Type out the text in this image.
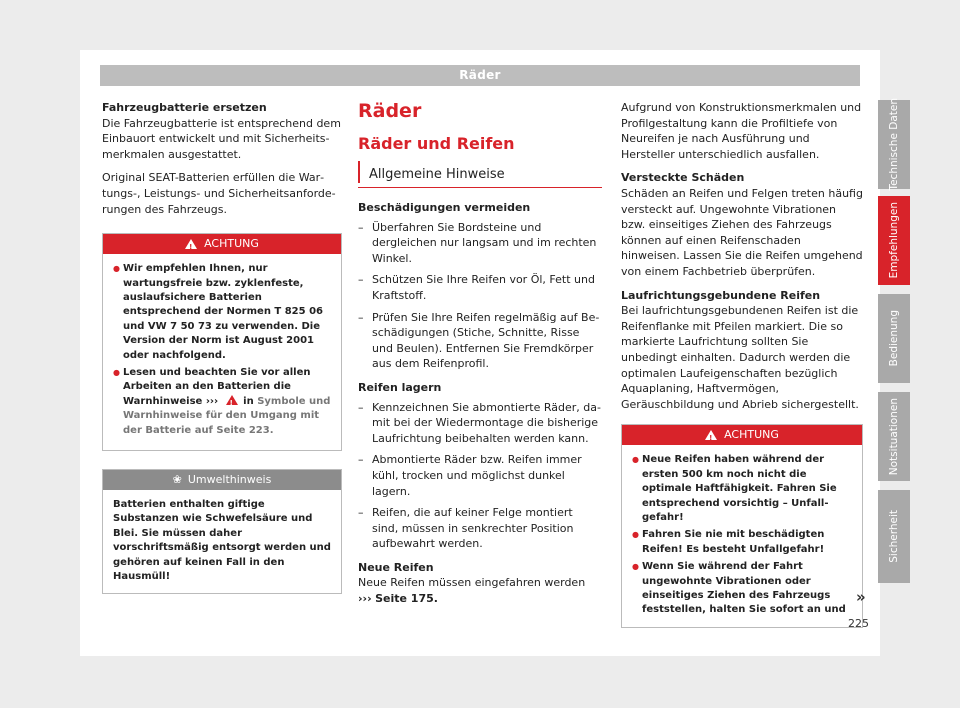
Räder
Fahrzeugbatterie ersetzen

Die Fahrzeugbatterie ist entsprechend dem Einbauort entwickelt und mit Sicherheitsmerkmalen ausgestattet.

Original SEAT-Batterien erfüllen die Wartungs-, Leistungs- und Sicherheitsanforderungen des Fahrzeugs.

!
ACHTUNG
● Wir empfehlen Ihnen, nur wartungsfreie bzw. zyklenfeste, auslaufsichere Batterien entsprechend der Normen T 825 06 und VW 7 50 73 zu verwenden. Die Version der Norm ist August 2001 oder nachfolgend.
● Lesen und beachten Sie vor allen Arbeiten an den Batterien die Warnhinweise ››› ! in Symbole und Warnhinweise für den Umgang mit der Batterie auf Seite 223.
❀ Umwelthinweis
Batterien enthalten giftige Substanzen wie Schwefelsäure und Blei. Sie müssen daher vorschriftsmäßig entsorgt werden und gehören auf keinen Fall in den Hausmüll!
Räder
Räder und Reifen
Allgemeine Hinweise
Beschädigungen vermeiden
– Überfahren Sie Bordsteine und dergleichen nur langsam und im rechten Winkel.
– Schützen Sie Ihre Reifen vor Öl, Fett und Kraftstoff.
– Prüfen Sie Ihre Reifen regelmäßig auf Beschädigungen (Stiche, Schnitte, Risse und Beulen). Entfernen Sie Fremdkörper aus dem Reifenprofil.
Reifen lagern
– Kennzeichnen Sie abmontierte Räder, damit bei der Wiedermontage die bisherige Laufrichtung beibehalten werden kann.
– Abmontierte Räder bzw. Reifen immer kühl, trocken und möglichst dunkel lagern.
– Reifen, die auf keiner Felge montiert sind, müssen in senkrechter Position aufbewahrt werden.
Neue Reifen
Neue Reifen müssen eingefahren werden
››› Seite 175.

Aufgrund von Konstruktionsmerkmalen und Profilgestaltung kann die Profiltiefe von Neureifen je nach Ausführung und Hersteller unterschiedlich ausfallen.

Versteckte Schäden

Schäden an Reifen und Felgen treten häufig versteckt auf. Ungewohnte Vibrationen bzw. einseitiges Ziehen des Fahrzeugs können auf einen Reifenschaden hinweisen. Lassen Sie die Reifen umgehend von einem Fachbetrieb überprüfen.

Laufrichtungsgebundene Reifen

Bei laufrichtungsgebundenen Reifen ist die Reifenflanke mit Pfeilen markiert. Die so markierte Laufrichtung sollten Sie unbedingt einhalten. Dadurch werden die optimalen Laufeigenschaften bezüglich Aquaplaning, Haftvermögen, Geräuschbildung und Abrieb sichergestellt.

!
ACHTUNG
● Neue Reifen haben während der ersten 500 km noch nicht die optimale Haftfähigkeit. Fahren Sie entsprechend vorsichtig – Unfallgefahr!
● Fahren Sie nie mit beschädigten Reifen! Es besteht Unfallgefahr!
● Wenn Sie während der Fahrt ungewohnte Vibrationen oder einseitiges Ziehen des Fahrzeugs feststellen, halten Sie sofort an und
»
Technische Daten
Empfehlungen
Bedienung
Notsituationen
Sicherheit
225
